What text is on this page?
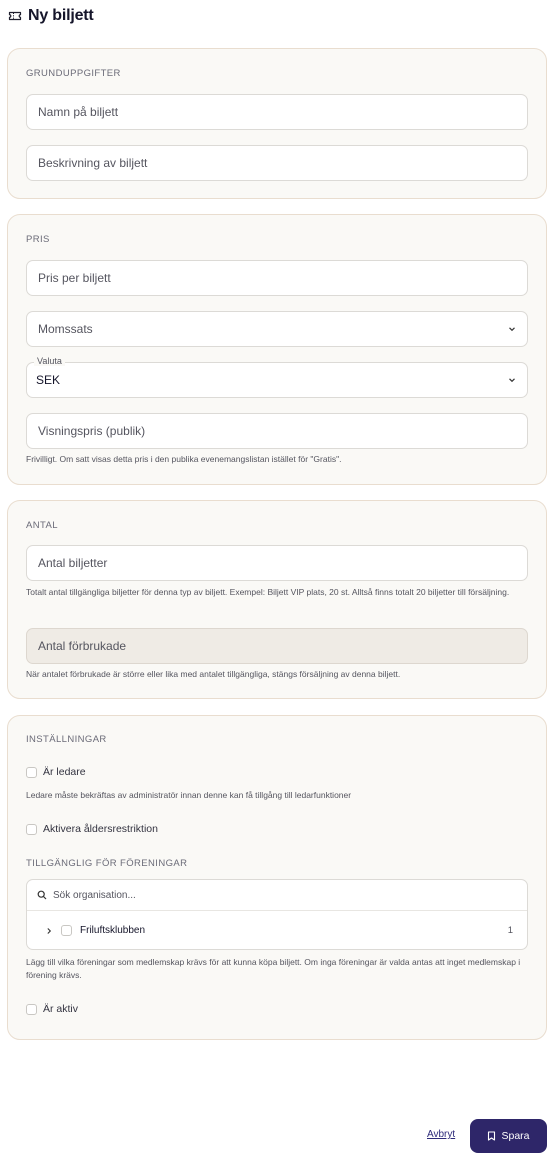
Ny biljett
GRUNDUPPGIFTER
Namn på biljett
Beskrivning av biljett
PRIS
Pris per biljett
Momssats
Valuta
SEK
Visningspris (publik)
Frivilligt. Om satt visas detta pris i den publika evenemangslistan istället för "Gratis".
ANTAL
Antal biljetter
Totalt antal tillgängliga biljetter för denna typ av biljett. Exempel: Biljett VIP plats, 20 st. Alltså finns totalt 20 biljetter till försäljning.
Antal förbrukade
När antalet förbrukade är större eller lika med antalet tillgängliga, stängs försäljning av denna biljett.
INSTÄLLNINGAR
Är ledare
Ledare måste bekräftas av administratör innan denne kan få tillgång till ledarfunktioner
Aktivera åldersrestriktion
TILLGÄNGLIG FÖR FÖRENINGAR
Sök organisation...
Friluftsklubben	1
Lägg till vilka föreningar som medlemskap krävs för att kunna köpa biljett. Om inga föreningar är valda antas att inget medlemskap i förening krävs.
Är aktiv
Avbryt	Spara
